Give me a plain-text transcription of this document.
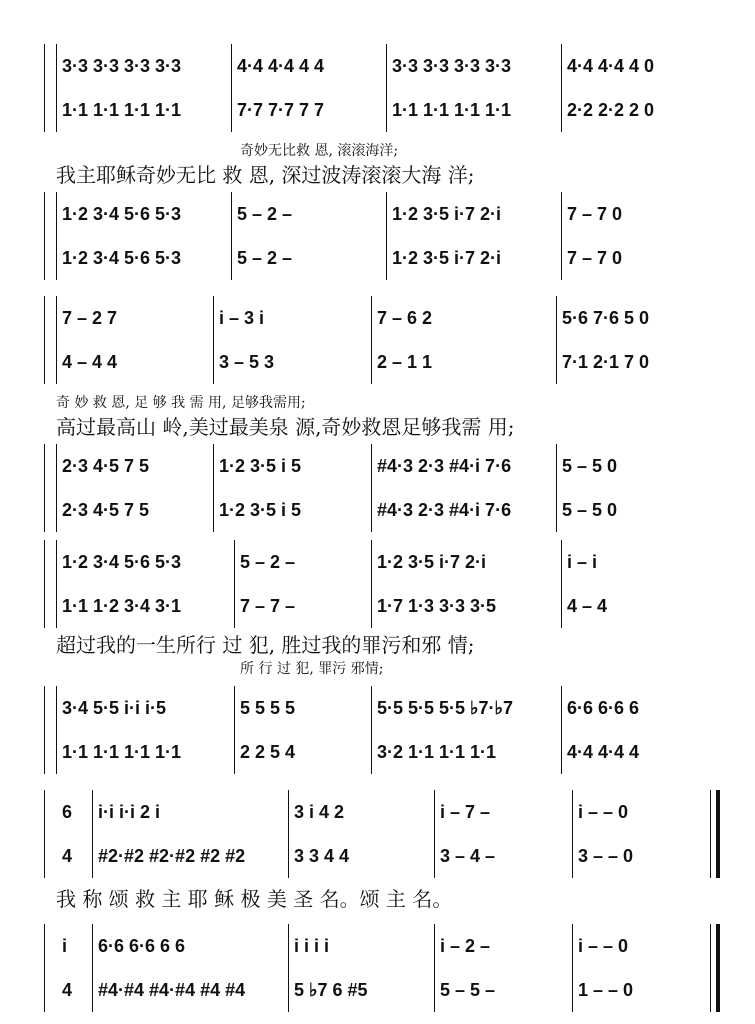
3·3 3·3 3·3 3·3	4·4 4·4 4 4	3·3 3·3 3·3 3·3	4·4 4·4 4 0
1·1 1·1 1·1 1·1	7·7 7·7 7 7	1·1 1·1 1·1 1·1	2·2 2·2 2 0
奇妙无比救 恩, 滚滚海洋;
我主耶稣奇妙无比 救 恩, 深过波涛滚滚大海 洋;
1·2 3·4 5·6 5·3	5 – 2 –	1·2 3·5 i·7 2·i	7 – 7 0
1·2 3·4 5·6 5·3	5 – 2 –	1·2 3·5 i·7 2·i	7 – 7 0
7 – 2 7	i – 3 i	7 – 6 2	5·6 7·6 5 0
4 – 4 4	3 – 5 3	2 – 1 1	7·1 2·1 7 0
奇 妙 救 恩, 足 够 我 需 用, 足够我需用;
高过最高山 岭,美过最美泉 源,奇妙救恩足够我需 用;
2·3 4·5 7 5	1·2 3·5 i 5	#4·3 2·3 #4·i 7·6	5 – 5 0
2·3 4·5 7 5	1·2 3·5 i 5	#4·3 2·3 #4·i 7·6	5 – 5 0
1·2 3·4 5·6 5·3	5 – 2 –	1·2 3·5 i·7 2·i	i – i
1·1 1·2 3·4 3·1	7 – 7 –	1·7 1·3 3·3 3·5	4 – 4
超过我的一生所行 过 犯, 胜过我的罪污和邪 情;
所 行 过 犯, 罪污 邪情;
3·4 5·5 i·i i·5	5 5 5 5	5·5 5·5 5·5 ♭7·♭7	6·6 6·6 6
1·1 1·1 1·1 1·1	2 2 5 4	3·2 1·1 1·1 1·1	4·4 4·4 4
6	i·i i·i 2 i	3 i 4 2	i – 7 –	i – – 0
4	#2·#2 #2·#2 #2 #2	3 3 4 4	3 – 4 –	3 – – 0
我 称 颂 救 主 耶 稣 极 美 圣 名。颂 主 名。
i	6·6 6·6 6 6	i i i i	i – 2 –	i – – 0
4	#4·#4 #4·#4 #4 #4	5 ♭7 6 #5	5 – 5 –	1 – – 0
